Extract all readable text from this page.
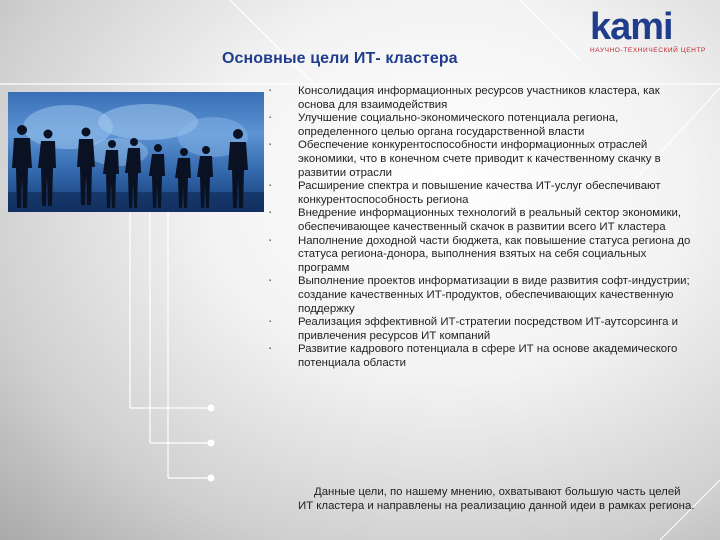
Основные цели ИТ- кластера
kami
НАУЧНО-ТЕХНИЧЕСКИЙ ЦЕНТР
▪ Консолидация информационных ресурсов участников кластера, как основа для взаимодействия
▪ Улучшение социально-экономического потенциала региона, определенного целью органа государственной власти
▪ Обеспечение конкурентоспособности информационных отраслей экономики, что в конечном счете приводит к качественному скачку в развитии отрасли
▪ Расширение спектра и повышение качества ИТ-услуг обеспечивают конкурентоспособность региона
▪ Внедрение информационных технологий в реальный сектор экономики, обеспечивающее качественный скачок в развитии всего ИТ кластера
▪ Наполнение доходной части бюджета, как повышение статуса региона до статуса региона-донора, выполнения взятых на себя социальных программ
▪ Выполнение проектов информатизации в виде развития софт-индустрии; создание качественных ИТ-продуктов, обеспечивающих качественную поддержку
▪ Реализация эффективной ИТ-стратегии посредством ИТ-аутсорсинга и привлечения ресурсов ИТ компаний
▪ Развитие кадрового потенциала в сфере ИТ на основе академического потенциала области

Данные цели, по нашему мнению, охватывают большую часть целей ИТ кластера и направлены на реализацию данной идеи в рамках региона.
